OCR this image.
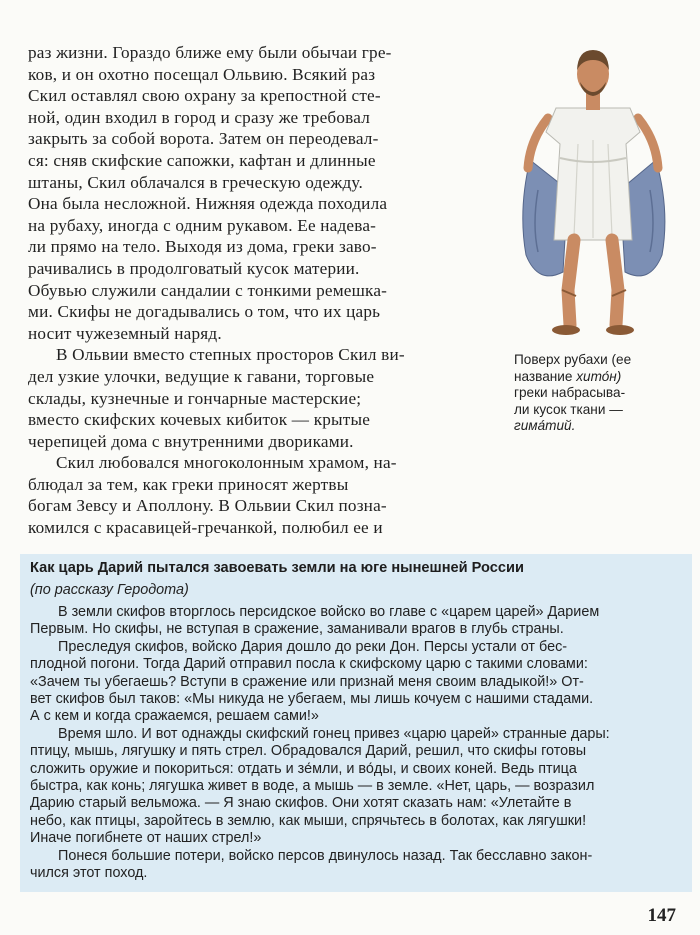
раз жизни. Гораздо ближе ему были обычаи гре-
ков, и он охотно посещал Ольвию. Всякий раз
Скил оставлял свою охрану за крепостной сте-
ной, один входил в город и сразу же требовал
закрыть за собой ворота. Затем он переодевал-
ся: сняв скифские сапожки, кафтан и длинные
штаны, Скил облачался в греческую одежду.
Она была несложной. Нижняя одежда походила
на рубаху, иногда с одним рукавом. Ее надева-
ли прямо на тело. Выходя из дома, греки заво-
рачивались в продолговатый кусок материи.
Обувью служили сандалии с тонкими ремешка-
ми. Скифы не догадывались о том, что их царь
носит чужеземный наряд.

В Ольвии вместо степных просторов Скил ви-
дел узкие улочки, ведущие к гавани, торговые
склады, кузнечные и гончарные мастерские;
вместо скифских кочевых кибиток — крытые
черепицей дома с внутренними двориками.

Скил любовался многоколонным храмом, на-
блюдал за тем, как греки приносят жертвы
богам Зевсу и Аполлону. В Ольвии Скил позна-
комился с красавицей-гречанкой, полюбил ее и

Поверх рубахи (ее
название хито́н)
греки набрасыва-
ли кусок ткани —
гима́тий.
Как царь Дарий пытался завоевать земли на юге нынешней России
(по рассказу Геродота)
В земли скифов вторглось персидское войско во главе с «царем царей» Дарием
Первым. Но скифы, не вступая в сражение, заманивали врагов в глубь страны.
Преследуя скифов, войско Дария дошло до реки Дон. Персы устали от бес-
плодной погони. Тогда Дарий отправил посла к скифскому царю с такими словами:
«Зачем ты убегаешь? Вступи в сражение или признай меня своим владыкой!» От-
вет скифов был таков: «Мы никуда не убегаем, мы лишь кочуем с нашими стадами.
А с кем и когда сражаемся, решаем сами!»
Время шло. И вот однажды скифский гонец привез «царю царей» странные дары:
птицу, мышь, лягушку и пять стрел. Обрадовался Дарий, решил, что скифы готовы
сложить оружие и покориться: отдать и зе́мли, и во́ды, и своих коней. Ведь птица
быстра, как конь; лягушка живет в воде, а мышь — в земле. «Нет, царь, — возразил
Дарию старый вельможа. — Я знаю скифов. Они хотят сказать нам: «Улетайте в
небо, как птицы, заройтесь в землю, как мыши, спрячьтесь в болотах, как лягушки!
Иначе погибнете от наших стрел!»
Понеся большие потери, войско персов двинулось назад. Так бесславно закон-
чился этот поход.
147
